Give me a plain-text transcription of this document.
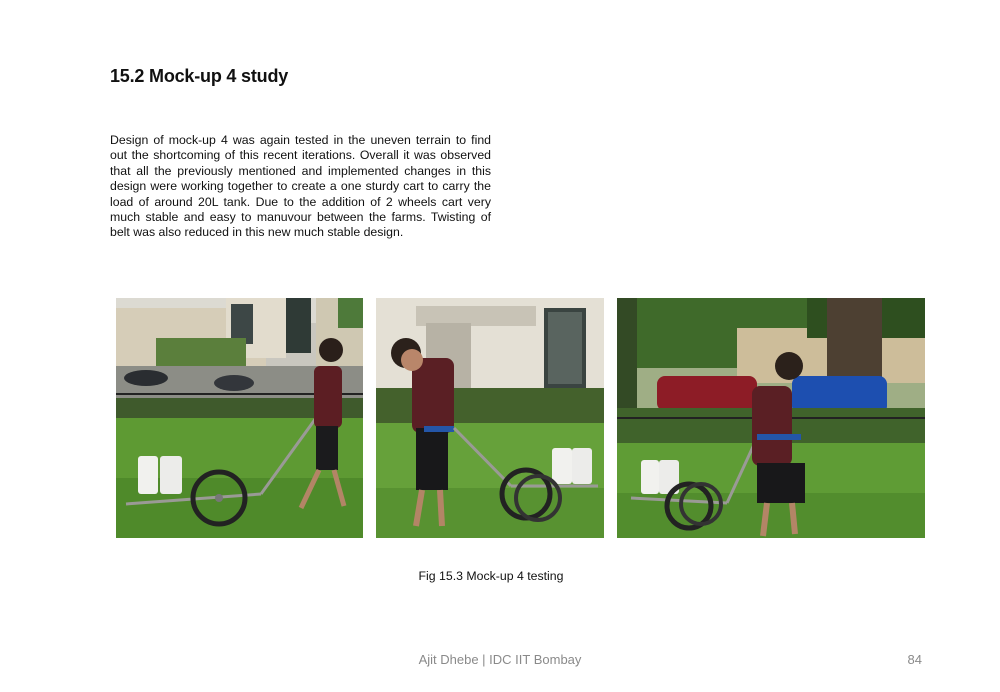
15.2 Mock-up 4 study

Design of mock-up 4 was again tested in the uneven terrain to find out the shortcoming of this recent iterations. Overall it was observed that all the previously mentioned and implemented changes in this design were working together to create a one sturdy cart to carry the load of around 20L tank. Due to the addition of 2 wheels cart very much stable and easy to manuvour between the farms. Twisting of belt was also reduced in this new much stable design.

Fig 15.3 Mock-up 4 testing
Ajit Dhebe | IDC IIT Bombay	84
